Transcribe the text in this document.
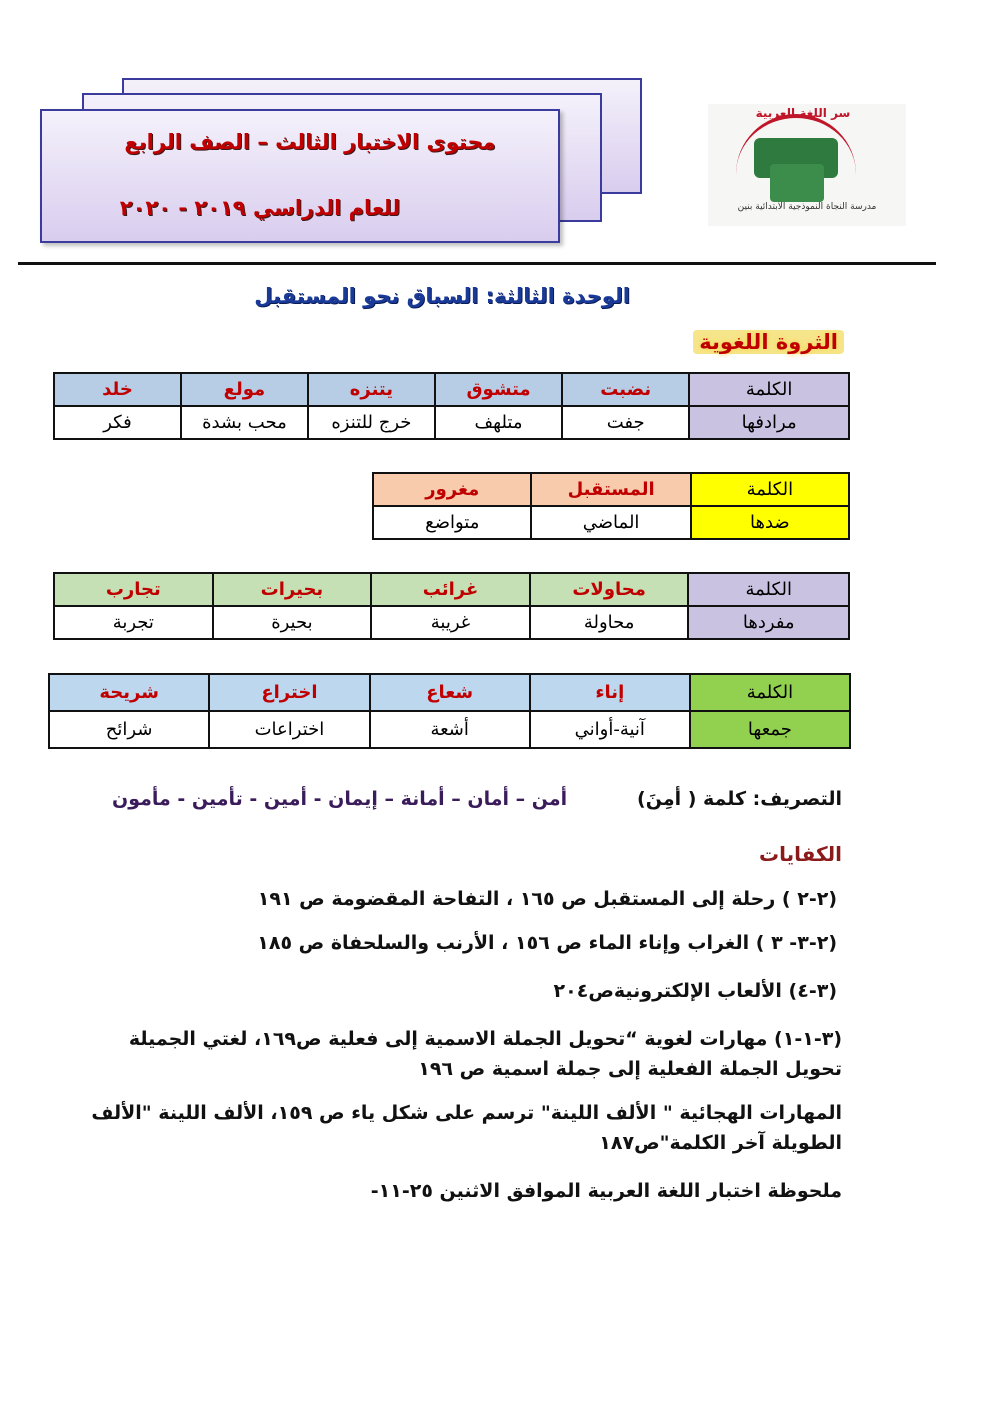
محتوى الاختبار الثالث – الصف الرابع
للعام الدراسي ٢٠١٩ - ٢٠٢٠
سر اللغة العربية
مدرسة النجاة النموذجية الابتدائية بنين
الوحدة الثالثة: السباق نحو المستقبل
الثروة اللغوية
الكلمة	نضبت	متشوق	يتنزه	مولع	خلد
مرادفها	جفت	متلهف	خرج للتنزه	محب بشدة	فكر
الكلمة	المستقبل	مغرور
ضدها	الماضي	متواضع
الكلمة	محاولات	غرائب	بحيرات	تجارب
مفردها	محاولة	غريبة	بحيرة	تجربة
الكلمة	إناء	شعاع	اختراع	شريحة
جمعها	آنية-أواني	أشعة	اختراعات	شرائح
التصريف: كلمة ( أمِنَ)
أمن – أمان – أمانة – إيمان - أمين - تأمين - مأمون
الكفايات
(٢-٢ ) رحلة إلى المستقبل ص ١٦٥ ، التفاحة المقضومة ص ١٩١
(٢-٣- ٣ ) الغراب وإناء الماء ص ١٥٦ ، الأرنب والسلحفاة ص ١٨٥
(٣-٤) الألعاب الإلكترونيةص٢٠٤
(٣-١-١) مهارات لغوية “تحويل الجملة الاسمية إلى فعلية ص١٦٩، لغتي الجميلة تحويل الجملة الفعلية إلى جملة اسمية ص ١٩٦
المهارات الهجائية " الألف اللينة" ترسم على شكل ياء ص ١٥٩، الألف اللينة "الألف الطويلة آخر الكلمة"ص١٨٧
ملحوظة اختبار اللغة العربية الموافق الاثنين ٢٥-١١-
